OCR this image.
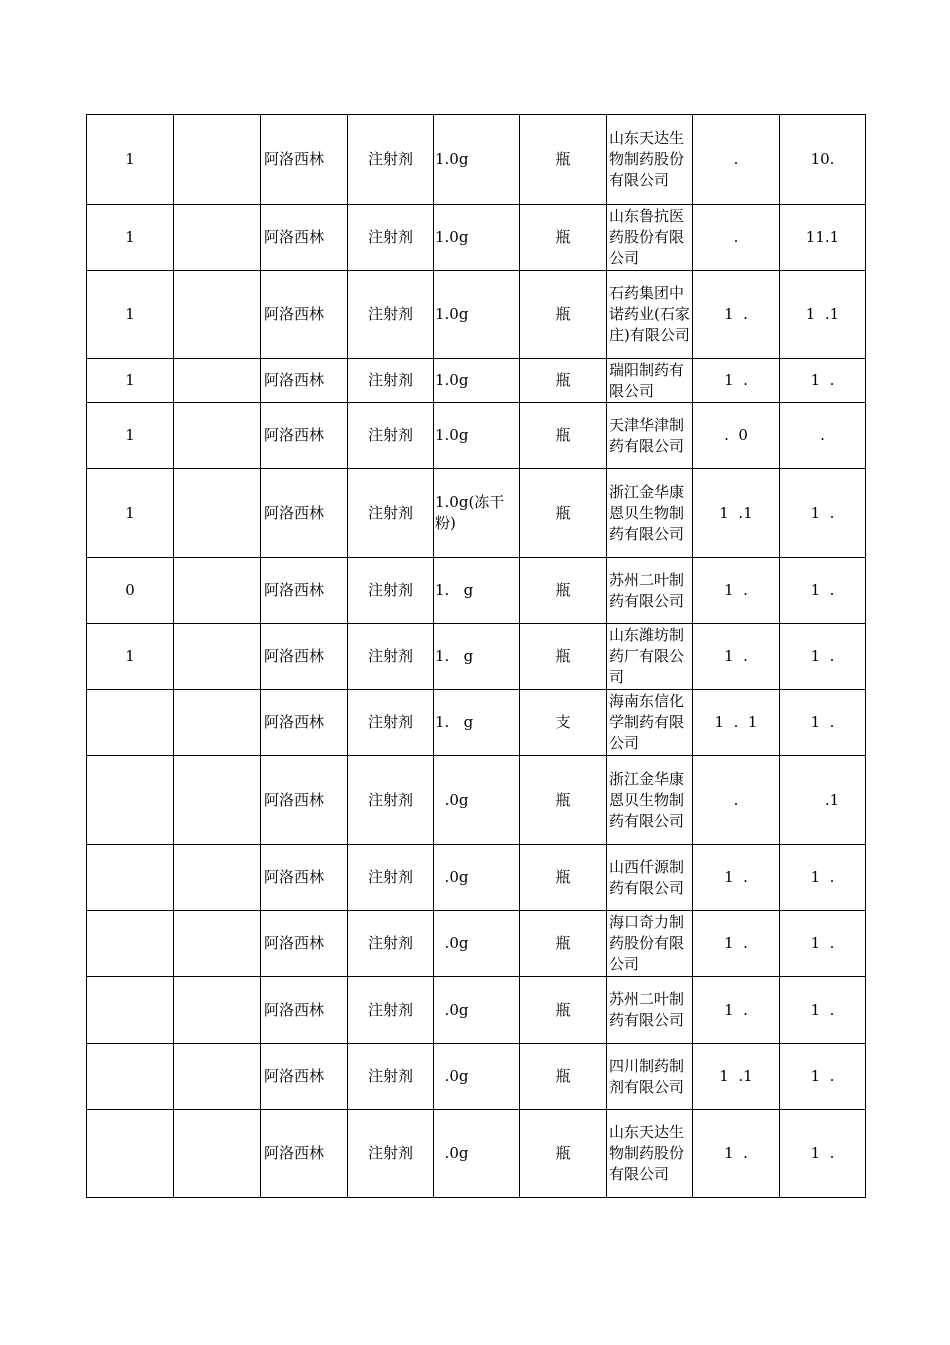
1		阿洛西林	注射剂	1.0g	瓶	山东天达生物制药股份有限公司	.	10.
1		阿洛西林	注射剂	1.0g	瓶	山东鲁抗医药股份有限公司	.	11.1
1		阿洛西林	注射剂	1.0g	瓶	石药集团中诺药业(石家庄)有限公司	1  .	1  .1
1		阿洛西林	注射剂	1.0g	瓶	瑞阳制药有限公司	1  .	1  .
1		阿洛西林	注射剂	1.0g	瓶	天津华津制药有限公司	.  0	.
1		阿洛西林	注射剂	1.0g(冻干粉)	瓶	浙江金华康恩贝生物制药有限公司	1  .1	1  .
0		阿洛西林	注射剂	1.   g	瓶	苏州二叶制药有限公司	1  .	1  .
1		阿洛西林	注射剂	1.   g	瓶	山东潍坊制药厂有限公司	1  .	1  .
		阿洛西林	注射剂	1.   g	支	海南东信化学制药有限公司	1  .  1	1  .
		阿洛西林	注射剂	.0g	瓶	浙江金华康恩贝生物制药有限公司	.	.1
		阿洛西林	注射剂	.0g	瓶	山西仟源制药有限公司	1  .	1  .
		阿洛西林	注射剂	.0g	瓶	海口奇力制药股份有限公司	1  .	1  .
		阿洛西林	注射剂	.0g	瓶	苏州二叶制药有限公司	1  .	1  .
		阿洛西林	注射剂	.0g	瓶	四川制药制剂有限公司	1  .1	1  .
		阿洛西林	注射剂	.0g	瓶	山东天达生物制药股份有限公司	1  .	1  .
